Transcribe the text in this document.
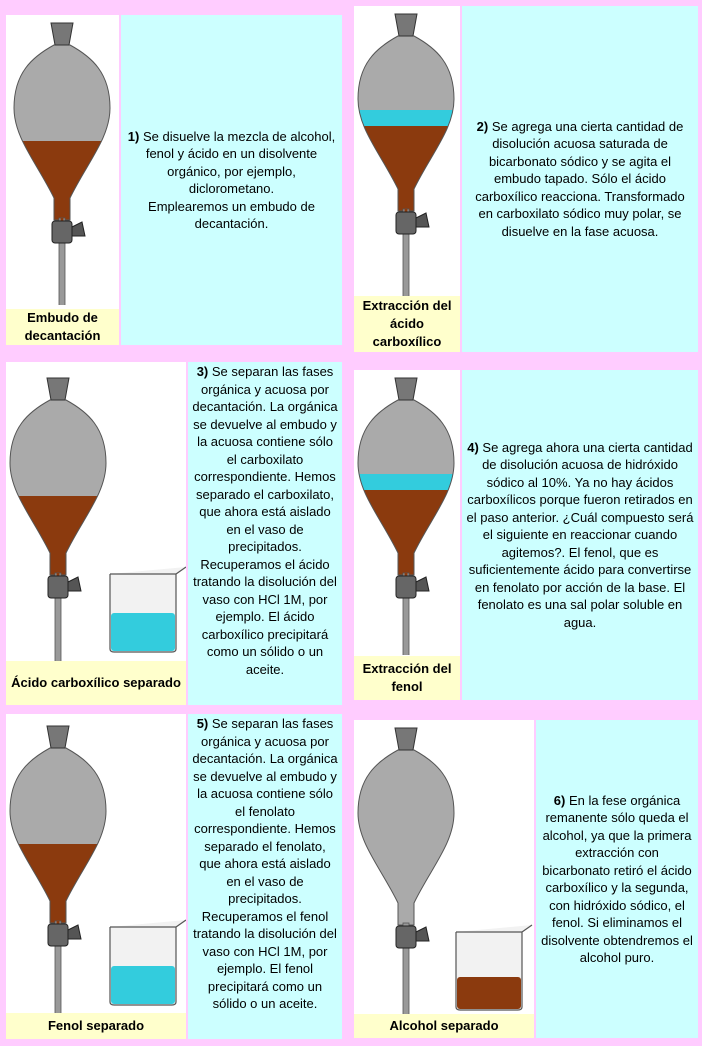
Embudo de decantación
1) Se disuelve la mezcla de alcohol, fenol y ácido en un disolvente orgánico, por ejemplo, diclorometano.
Emplearemos un embudo de decantación.
Extracción del ácido carboxílico
2) Se agrega una cierta cantidad de disolución acuosa saturada de bicarbonato sódico y se agita el embudo tapado. Sólo el ácido carboxílico reacciona. Transformado en carboxilato sódico muy polar, se disuelve en la fase acuosa.
Ácido carboxílico separado
3) Se separan las fases orgánica y acuosa por decantación. La orgánica se devuelve al embudo y la acuosa contiene sólo el carboxilato correspondiente. Hemos separado el carboxilato, que ahora está aislado en el vaso de precipitados. Recuperamos el ácido tratando la disolución del vaso con HCl 1M, por ejemplo. El ácido carboxílico precipitará como un sólido o un aceite.	Extracción del fenol
4) Se agrega ahora una cierta cantidad de disolución acuosa de hidróxido sódico al 10%. Ya no hay ácidos carboxílicos porque fueron retirados en el paso anterior. ¿Cuál compuesto será el siguiente en reaccionar cuando agitemos?. El fenol, que es suficientemente ácido para convertirse en fenolato por acción de la base. El fenolato es una sal polar soluble en agua.
Fenol separado
5) Se separan las fases orgánica y acuosa por decantación. La orgánica se devuelve al embudo y la acuosa contiene sólo el fenolato correspondiente. Hemos separado el fenolato, que ahora está aislado en el vaso de precipitados. Recuperamos el fenol tratando la disolución del vaso con HCl 1M, por ejemplo. El fenol precipitará como un sólido o un aceite.
Alcohol separado
6) En la fese orgánica remanente sólo queda el alcohol, ya que la primera extracción con bicarbonato retiró el ácido carboxílico y la segunda, con hidróxido sódico, el fenol. Si eliminamos el disolvente obtendremos el alcohol puro.
